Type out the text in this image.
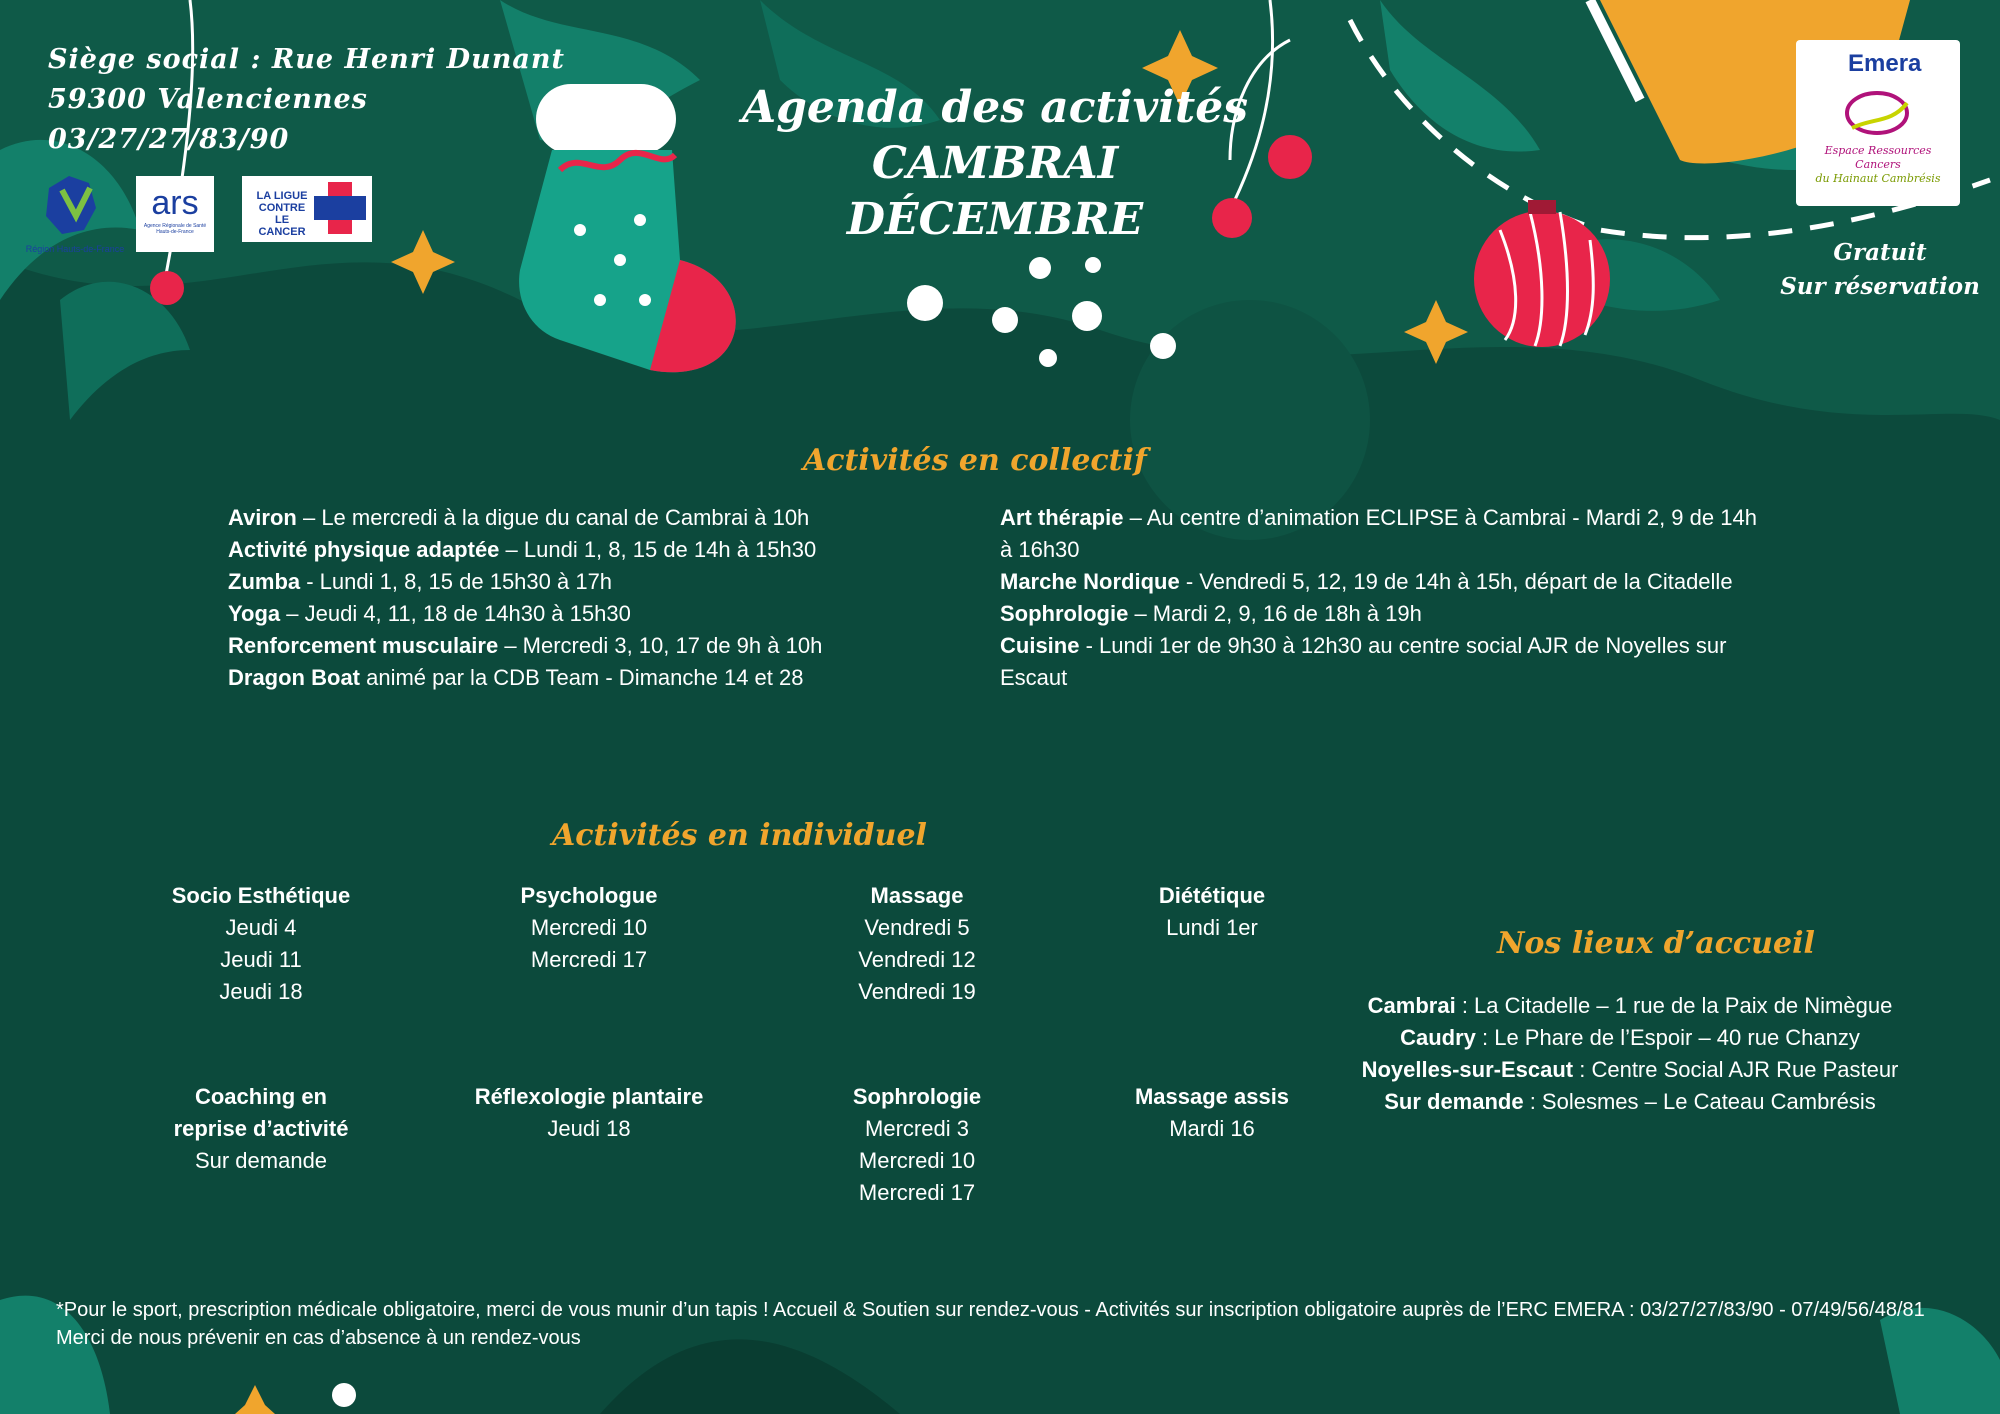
Siège social : Rue Henri Dunant
59300 Valenciennes
03/27/27/83/90
Région Hauts-de-France
ars
Agence Régionale de Santé Hauts-de-France
LA LIGUE CONTRE LE CANCER
Agenda des activités
CAMBRAI
DÉCEMBRE
Emera
Espace Ressources
Cancers
du Hainaut Cambrésis
Gratuit
Sur réservation
Activités en collectif
Aviron – Le mercredi à la digue du canal de Cambrai à 10h
Activité physique adaptée – Lundi 1, 8, 15 de 14h à 15h30
Zumba - Lundi 1, 8, 15 de 15h30 à 17h
Yoga – Jeudi 4, 11, 18 de 14h30 à 15h30
Renforcement musculaire – Mercredi 3, 10, 17 de 9h à 10h
Dragon Boat animé par la CDB Team - Dimanche 14 et 28
Art thérapie – Au centre d’animation ECLIPSE à Cambrai - Mardi 2, 9 de 14h à 16h30
Marche Nordique - Vendredi 5, 12, 19 de 14h à 15h, départ de la Citadelle
Sophrologie – Mardi 2, 9, 16 de 18h à 19h
Cuisine - Lundi 1er de 9h30 à 12h30 au centre social AJR de Noyelles sur Escaut
Activités en individuel
Socio Esthétique
Jeudi 4
Jeudi 11
Jeudi 18
Psychologue
Mercredi 10
Mercredi 17
Massage
Vendredi 5
Vendredi 12
Vendredi 19
Diététique
Lundi 1er
Coaching en reprise d’activité
Sur demande
Réflexologie plantaire
Jeudi 18
Sophrologie
Mercredi 3
Mercredi 10
Mercredi 17
Massage assis
Mardi 16
Nos lieux d’accueil
Cambrai : La Citadelle – 1 rue de la Paix de Nimègue
Caudry : Le Phare de l’Espoir – 40 rue Chanzy
Noyelles-sur-Escaut : Centre Social AJR Rue Pasteur
Sur demande : Solesmes – Le Cateau Cambrésis
*Pour le sport, prescription médicale obligatoire, merci de vous munir d’un tapis ! Accueil & Soutien sur rendez-vous - Activités sur inscription obligatoire auprès de l’ERC EMERA : 03/27/27/83/90 - 07/49/56/48/81 Merci de nous prévenir en cas d’absence à un rendez-vous
